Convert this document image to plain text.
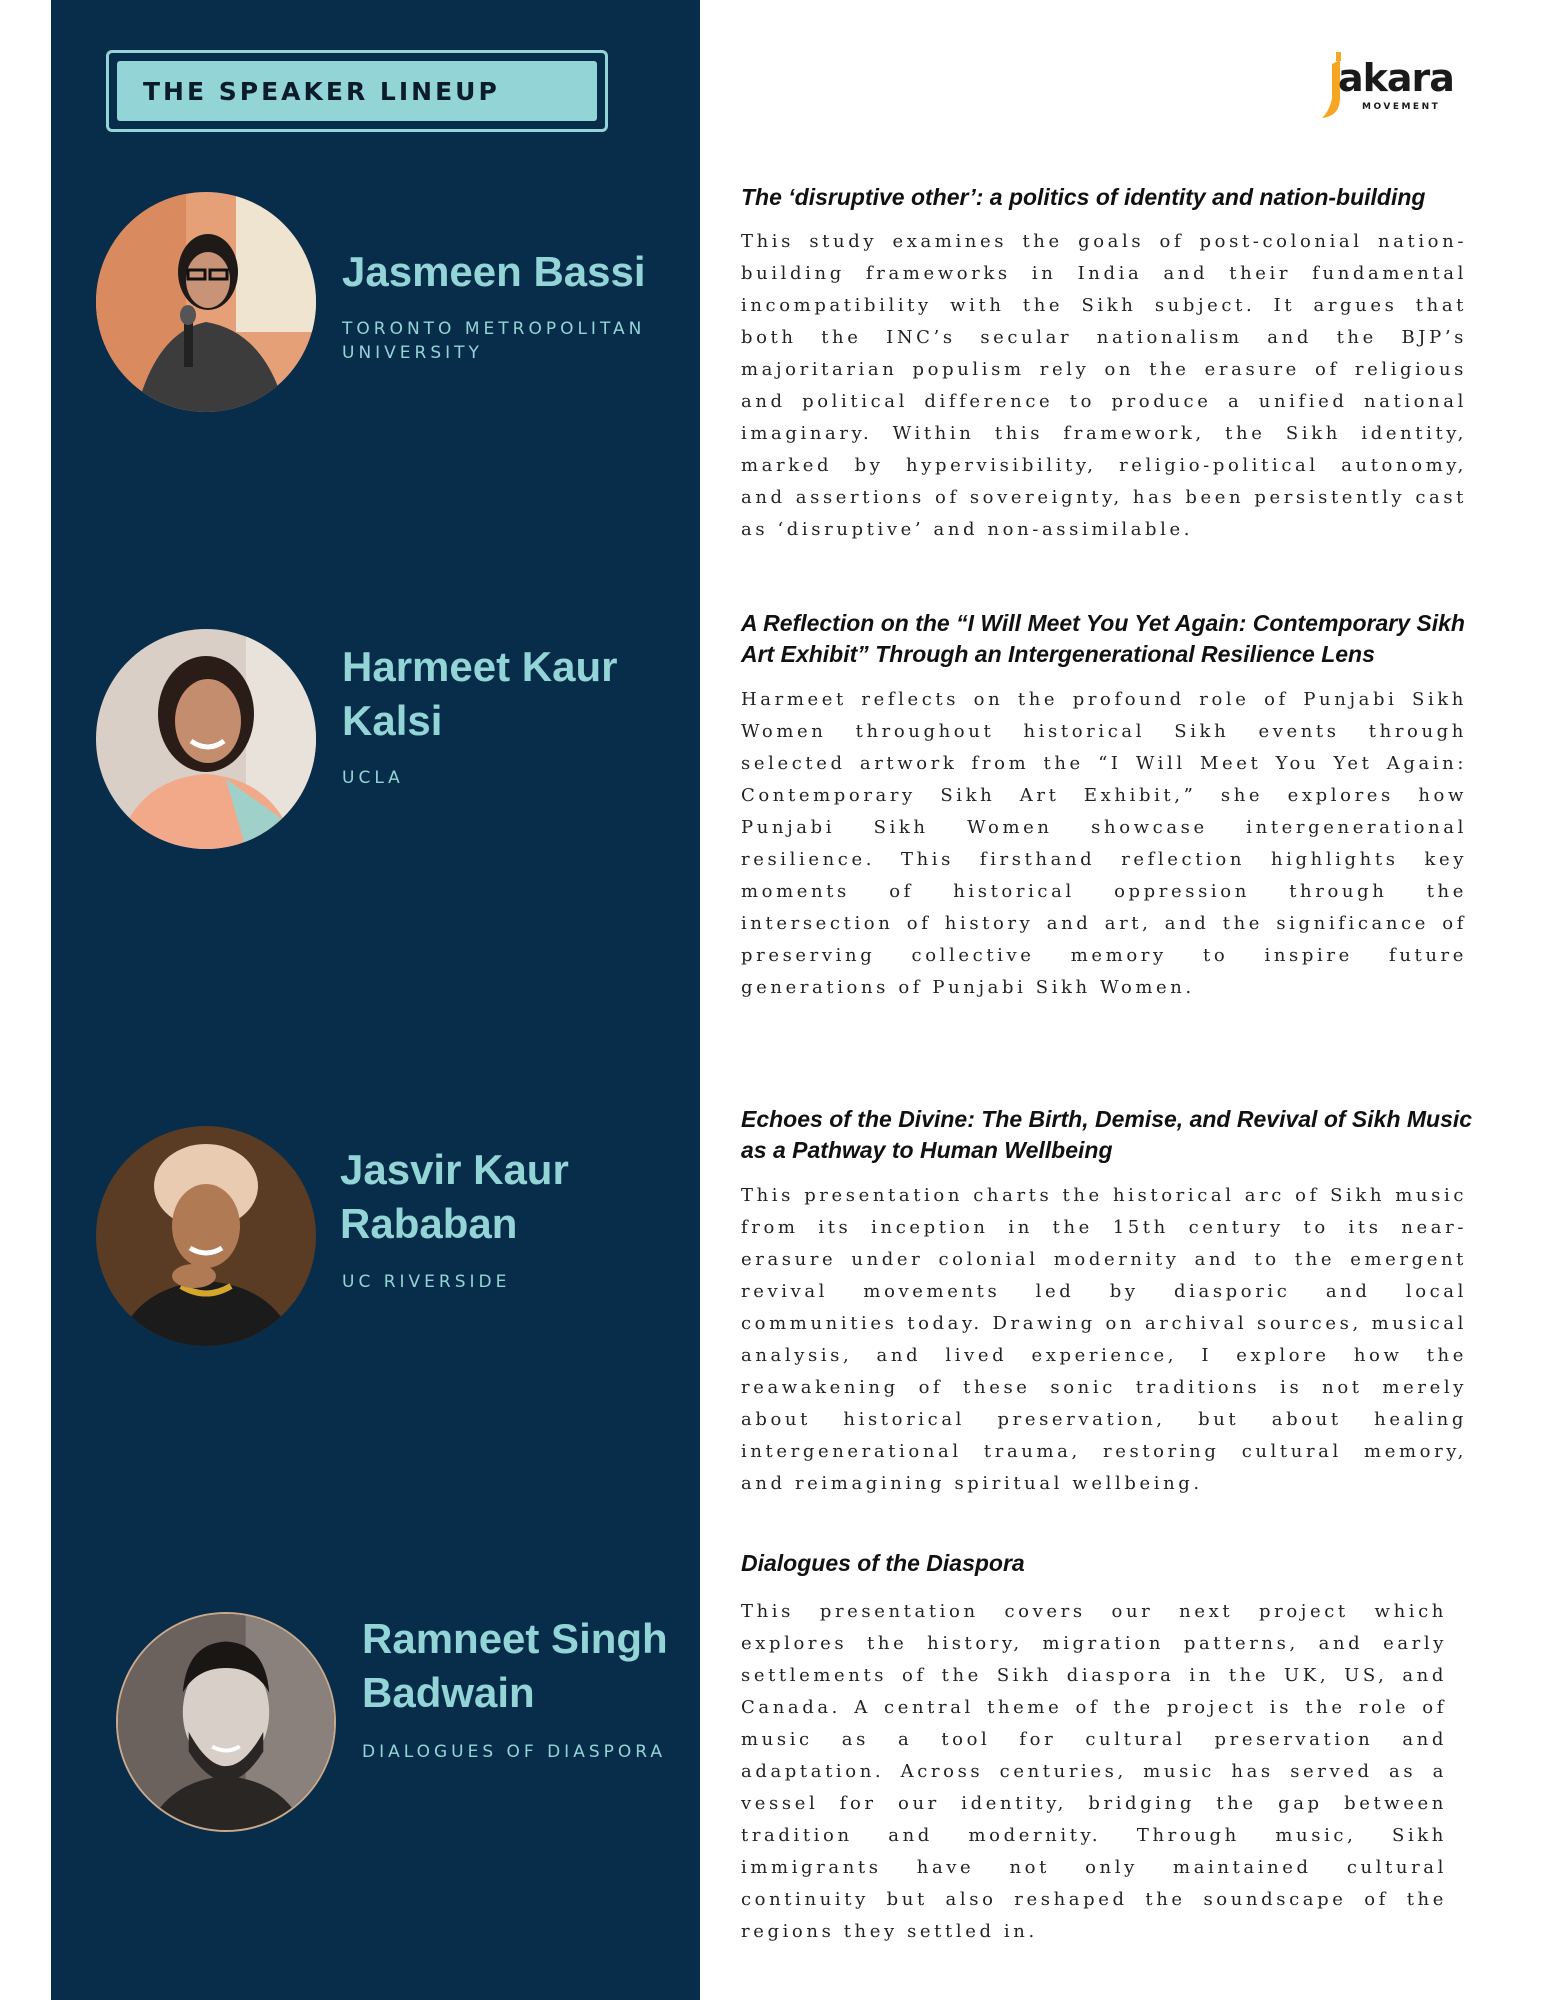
THE SPEAKER LINEUP	akara
MOVEMENT
Jasmeen Bassi
TORONTO METROPOLITAN UNIVERSITY
The ‘disruptive other’: a politics of identity and nation-building
This study examines the goals of post-colonial nation-building frameworks in India and their fundamental incompatibility with the Sikh subject. It argues that both the INC’s secular nationalism and the BJP’s majoritarian populism rely on the erasure of religious and political difference to produce a unified national imaginary. Within this framework, the Sikh identity, marked by hypervisibility, religio-political autonomy, and assertions of sovereignty, has been persistently cast as ‘disruptive’ and non-assimilable.
Harmeet Kaur Kalsi
UCLA
A Reflection on the “I Will Meet You Yet Again: Contemporary Sikh Art Exhibit” Through an Intergenerational Resilience Lens
Harmeet reflects on the profound role of Punjabi Sikh Women throughout historical Sikh events through selected artwork from the “I Will Meet You Yet Again: Contemporary Sikh Art Exhibit,” she explores how Punjabi Sikh Women showcase intergenerational resilience. This firsthand reflection highlights key moments of historical oppression through the intersection of history and art, and the significance of preserving collective memory to inspire future generations of Punjabi Sikh Women.
Jasvir Kaur Rababan
UC RIVERSIDE
Echoes of the Divine: The Birth, Demise, and Revival of Sikh Music as a Pathway to Human Wellbeing
This presentation charts the historical arc of Sikh music from its inception in the 15th century to its near-erasure under colonial modernity and to the emergent revival movements led by diasporic and local communities today. Drawing on archival sources, musical analysis, and lived experience, I explore how the reawakening of these sonic traditions is not merely about historical preservation, but about healing intergenerational trauma, restoring cultural memory, and reimagining spiritual wellbeing.
Ramneet Singh Badwain
DIALOGUES OF DIASPORA
Dialogues of the Diaspora
This presentation covers our next project which explores the history, migration patterns, and early settlements of the Sikh diaspora in the UK, US, and Canada. A central theme of the project is the role of music as a tool for cultural preservation and adaptation. Across centuries, music has served as a vessel for our identity, bridging the gap between tradition and modernity. Through music, Sikh immigrants have not only maintained cultural continuity but also reshaped the soundscape of the regions they settled in.
